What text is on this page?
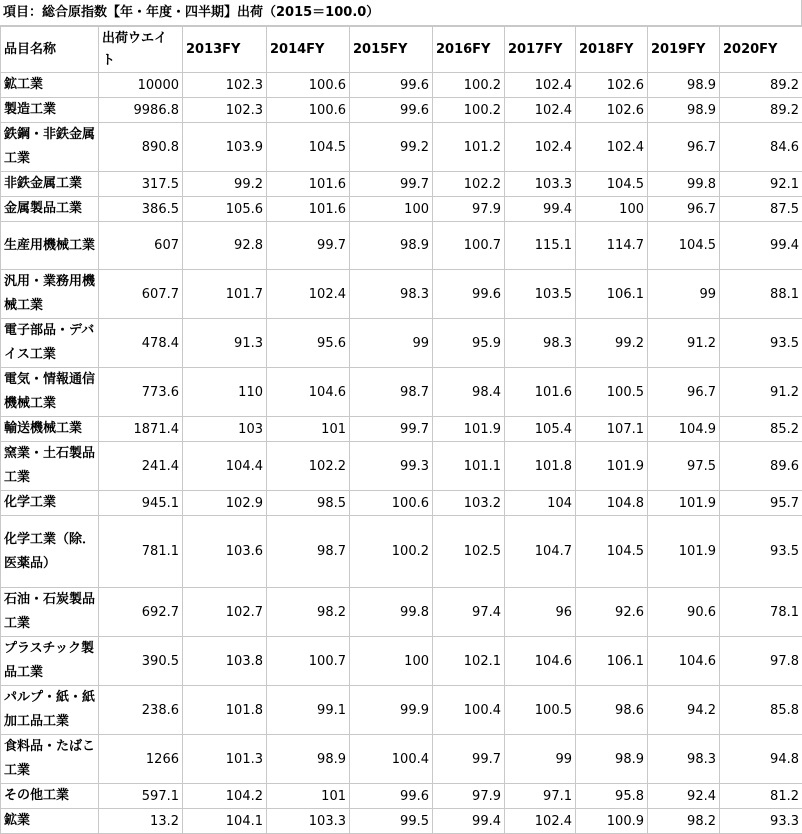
項目：総合原指数【年・年度・四半期】出荷（2015＝100.0）
品目名称	出荷ウエイト	2013FY	2014FY	2015FY	2016FY	2017FY	2018FY	2019FY	2020FY
鉱工業	10000	102.3	100.6	99.6	100.2	102.4	102.6	98.9	89.2
製造工業	9986.8	102.3	100.6	99.6	100.2	102.4	102.6	98.9	89.2
鉄鋼・非鉄金属工業	890.8	103.9	104.5	99.2	101.2	102.4	102.4	96.7	84.6
非鉄金属工業	317.5	99.2	101.6	99.7	102.2	103.3	104.5	99.8	92.1
金属製品工業	386.5	105.6	101.6	100	97.9	99.4	100	96.7	87.5
生産用機械工業	607	92.8	99.7	98.9	100.7	115.1	114.7	104.5	99.4
汎用・業務用機械工業	607.7	101.7	102.4	98.3	99.6	103.5	106.1	99	88.1
電子部品・デバイス工業	478.4	91.3	95.6	99	95.9	98.3	99.2	91.2	93.5
電気・情報通信機械工業	773.6	110	104.6	98.7	98.4	101.6	100.5	96.7	91.2
輸送機械工業	1871.4	103	101	99.7	101.9	105.4	107.1	104.9	85.2
窯業・土石製品工業	241.4	104.4	102.2	99.3	101.1	101.8	101.9	97.5	89.6
化学工業	945.1	102.9	98.5	100.6	103.2	104	104.8	101.9	95.7
化学工業（除．医薬品）	781.1	103.6	98.7	100.2	102.5	104.7	104.5	101.9	93.5
石油・石炭製品工業	692.7	102.7	98.2	99.8	97.4	96	92.6	90.6	78.1
プラスチック製品工業	390.5	103.8	100.7	100	102.1	104.6	106.1	104.6	97.8
パルプ・紙・紙加工品工業	238.6	101.8	99.1	99.9	100.4	100.5	98.6	94.2	85.8
食料品・たばこ工業	1266	101.3	98.9	100.4	99.7	99	98.9	98.3	94.8
その他工業	597.1	104.2	101	99.6	97.9	97.1	95.8	92.4	81.2
鉱業	13.2	104.1	103.3	99.5	99.4	102.4	100.9	98.2	93.3
